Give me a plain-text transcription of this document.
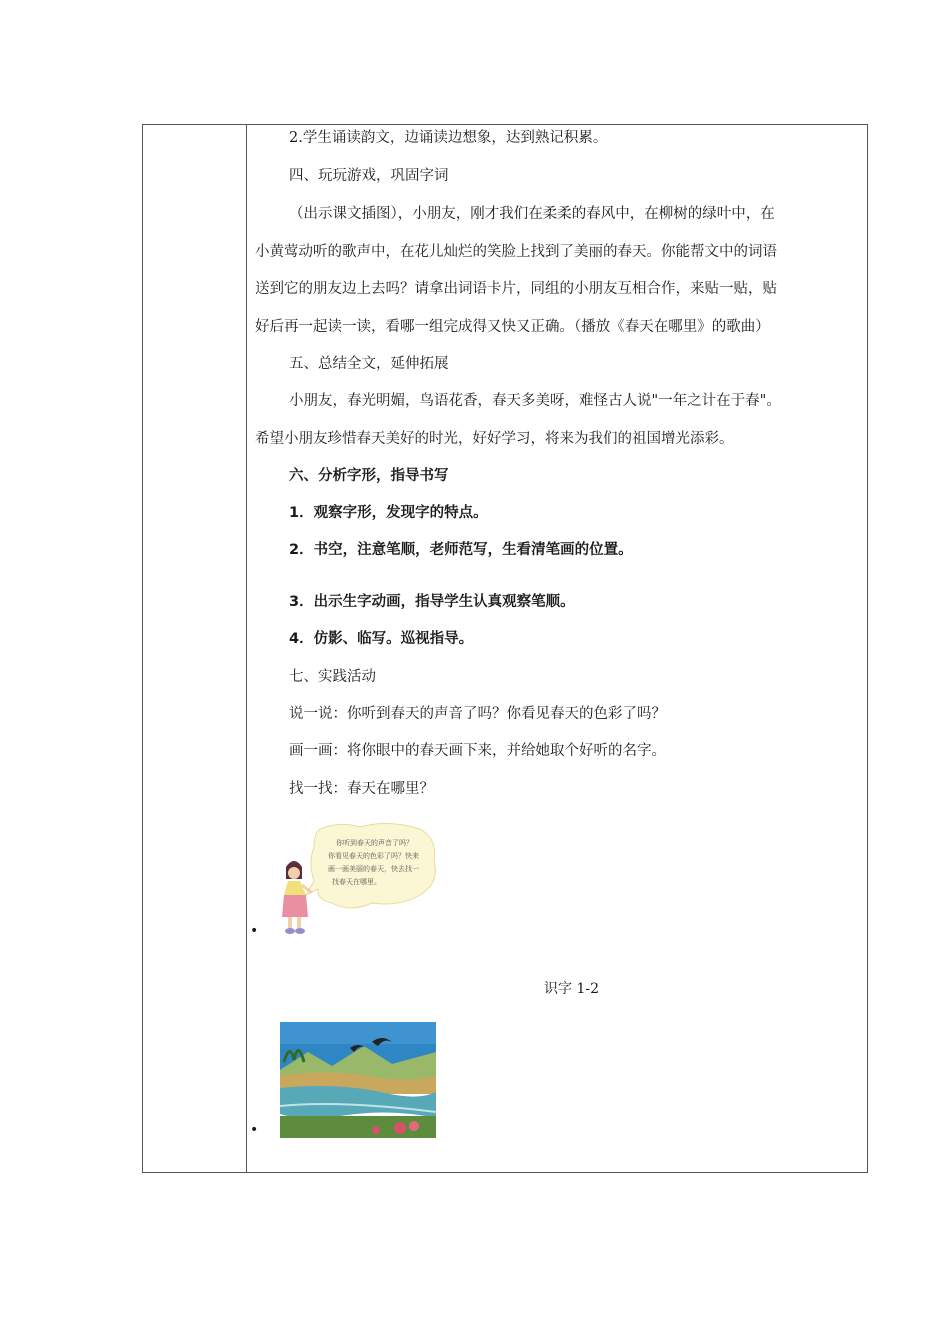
2.学生诵读韵文，边诵读边想象，达到熟记积累。
四、玩玩游戏，巩固字词
（出示课文插图），小朋友，刚才我们在柔柔的春风中，在柳树的绿叶中，在
小黄莺动听的歌声中，在花儿灿烂的笑脸上找到了美丽的春天。你能帮文中的词语
送到它的朋友边上去吗？请拿出词语卡片，同组的小朋友互相合作，来贴一贴，贴
好后再一起读一读，看哪一组完成得又快又正确。（播放《春天在哪里》的歌曲）
五、总结全文，延伸拓展
小朋友，春光明媚，鸟语花香，春天多美呀，难怪古人说"一年之计在于春"。
希望小朋友珍惜春天美好的时光，好好学习，将来为我们的祖国增光添彩。
六、分析字形，指导书写
1．观察字形，发现字的特点。
2．书空，注意笔顺，老师范写，生看清笔画的位置。
3．出示生字动画，指导学生认真观察笔顺。
4．仿影、临写。巡视指导。
七、实践活动
说一说：你听到春天的声音了吗？你看见春天的色彩了吗？
画一画：将你眼中的春天画下来，并给她取个好听的名字。
找一找：春天在哪里？
•
你听到春天的声音了吗？
你看见春天的色彩了吗？快来
画一画美丽的春天，快去找一
找春天在哪里。
识字 1-2
•
